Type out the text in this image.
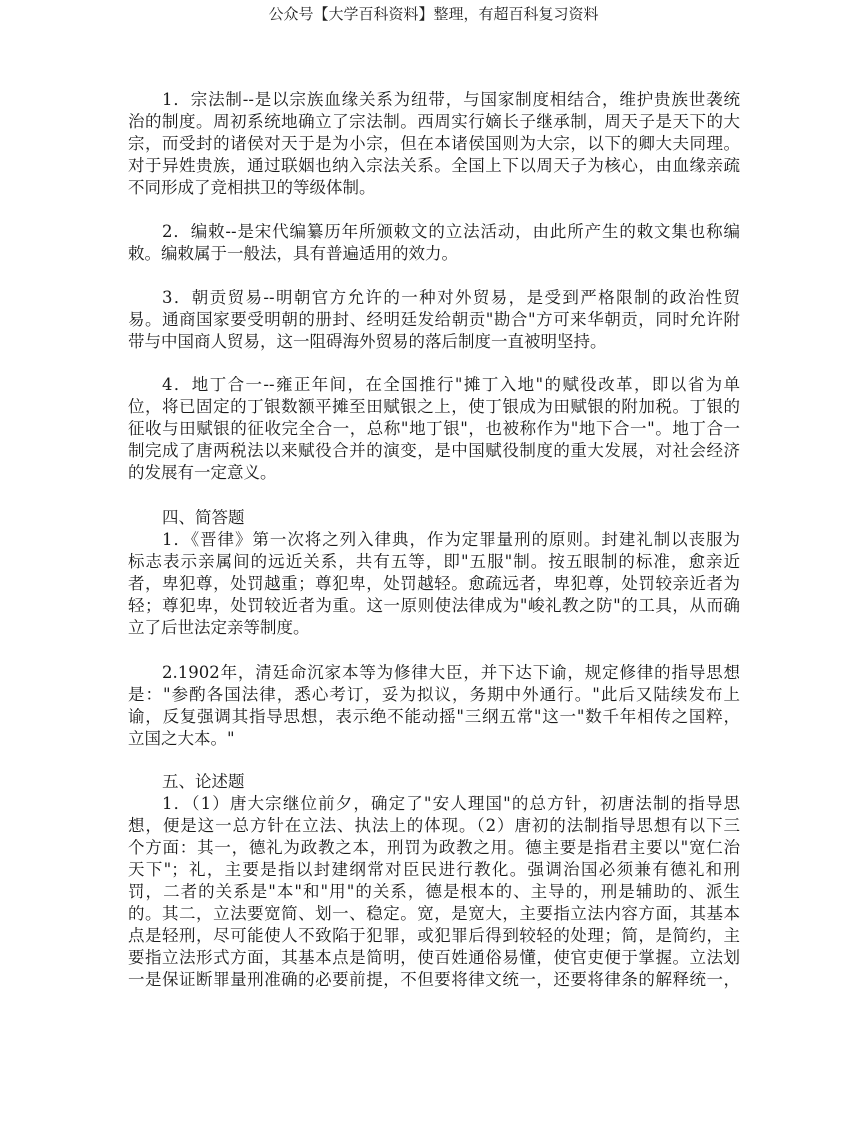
公众号【大学百科资料】整理，有超百科复习资料
1．宗法制--是以宗族血缘关系为纽带，与国家制度相结合，维护贵族世袭统
治的制度。周初系统地确立了宗法制。西周实行嫡长子继承制，周天子是天下的大
宗，而受封的诸侯对天于是为小宗，但在本诸侯国则为大宗，以下的卿大夫同理。
对于异姓贵族，通过联姻也纳入宗法关系。全国上下以周天子为核心，由血缘亲疏
不同形成了竞相拱卫的等级体制。
2．编敕--是宋代编纂历年所颁敕文的立法活动，由此所产生的敕文集也称编
敕。编敕属于一般法，具有普遍适用的效力。
3．朝贡贸易--明朝官方允许的一种对外贸易，是受到严格限制的政治性贸
易。通商国家要受明朝的册封、经明廷发给朝贡"勘合"方可来华朝贡，同时允许附
带与中国商人贸易，这一阻碍海外贸易的落后制度一直被明坚持。
4．地丁合一--雍正年间，在全国推行"摊丁入地"的赋役改革，即以省为单
位，将已固定的丁银数额平摊至田赋银之上，使丁银成为田赋银的附加税。丁银的
征收与田赋银的征收完全合一，总称"地丁银"，也被称作为"地下合一"。地丁合一
制完成了唐两税法以来赋役合并的演变，是中国赋役制度的重大发展，对社会经济
的发展有一定意义。
四、简答题
1．《晋律》第一次将之列入律典，作为定罪量刑的原则。封建礼制以丧服为
标志表示亲属间的远近关系，共有五等，即"五服"制。按五眼制的标准，愈亲近
者，卑犯尊，处罚越重；尊犯卑，处罚越轻。愈疏远者，卑犯尊，处罚较亲近者为
轻；尊犯卑，处罚较近者为重。这一原则使法律成为"峻礼教之防"的工具，从而确
立了后世法定亲等制度。
2.1902年，清廷命沉家本等为修律大臣，并下达下谕，规定修律的指导思想
是："参酌各国法律，悉心考订，妥为拟议，务期中外通行。"此后又陆续发布上
谕，反复强调其指导思想，表示绝不能动摇"三纲五常"这一"数千年相传之国粹，
立国之大本。"
五、论述题
1．（1）唐大宗继位前夕，确定了"安人理国"的总方针，初唐法制的指导思
想，便是这一总方针在立法、执法上的体现。（2）唐初的法制指导思想有以下三
个方面：其一，德礼为政教之本，刑罚为政教之用。德主要是指君主要以"宽仁治
天下"；礼，主要是指以封建纲常对臣民进行教化。强调治国必须兼有德礼和刑
罚，二者的关系是"本"和"用"的关系，德是根本的、主导的，刑是辅助的、派生
的。其二，立法要宽简、划一、稳定。宽，是宽大，主要指立法内容方面，其基本
点是轻刑，尽可能使人不致陷于犯罪，或犯罪后得到较轻的处理；简，是简约，主
要指立法形式方面，其基本点是简明，使百姓通俗易懂，使官吏便于掌握。立法划
一是保证断罪量刑准确的必要前提，不但要将律文统一，还要将律条的解释统一，
